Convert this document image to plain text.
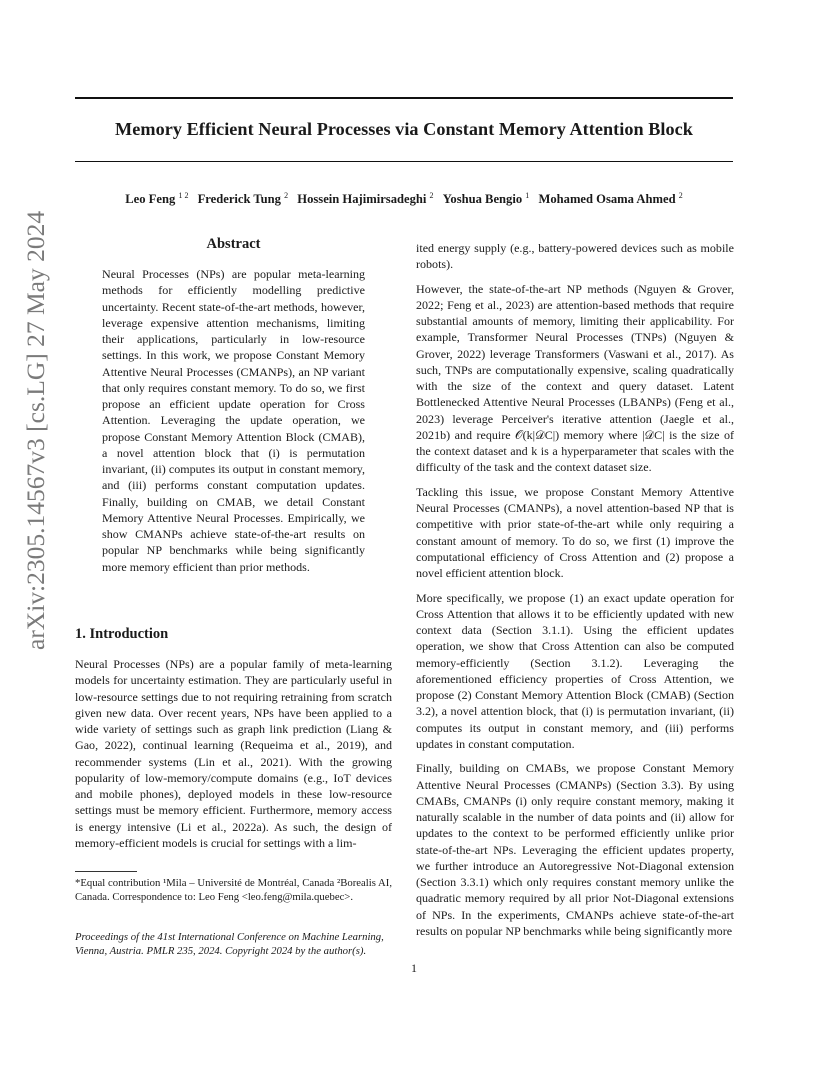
Memory Efficient Neural Processes via Constant Memory Attention Block
Leo Feng $^{1 2}$ Frederick Tung $^2$ Hossein Hajimirsadeghi $^2$ Yoshua Bengio $^1$ Mohamed Osama Ahmed $^2$
arXiv:2305.14567v3 [cs.LG] 27 May 2024	Abstract
Neural Processes (NPs) are popular meta-learning methods for efficiently modelling predictive uncertainty. Recent state-of-the-art methods, however, leverage expensive attention mechanisms, limiting their applications, particularly in low-resource settings. In this work, we propose Constant Memory Attentive Neural Processes (CMANPs), an NP variant that only requires constant memory. To do so, we first propose an efficient update operation for Cross Attention. Leveraging the update operation, we propose Constant Memory Attention Block (CMAB), a novel attention block that (i) is permutation invariant, (ii) computes its output in constant memory, and (iii) performs constant computation updates. Finally, building on CMAB, we detail Constant Memory Attentive Neural Processes. Empirically, we show CMANPs achieve state-of-the-art results on popular NP benchmarks while being significantly more memory efficient than prior methods.
1. Introduction

Neural Processes (NPs) are a popular family of meta-learning models for uncertainty estimation. They are particularly useful in low-resource settings due to not requiring retraining from scratch given new data. Over recent years, NPs have been applied to a wide variety of settings such as graph link prediction (Liang & Gao, 2022), continual learning (Requeima et al., 2019), and recommender systems (Lin et al., 2021). With the growing popularity of low-memory/compute domains (e.g., IoT devices and mobile phones), deployed models in these low-resource settings must be memory efficient. Furthermore, memory access is energy intensive (Li et al., 2022a). As such, the design of memory-efficient models is crucial for settings with a lim-

*Equal contribution ¹Mila – Université de Montréal, Canada ²Borealis AI, Canada. Correspondence to: Leo Feng <leo.feng@mila.quebec>.
Proceedings of the 41st International Conference on Machine Learning, Vienna, Austria. PMLR 235, 2024. Copyright 2024 by the author(s).

ited energy supply (e.g., battery-powered devices such as mobile robots).

However, the state-of-the-art NP methods (Nguyen & Grover, 2022; Feng et al., 2023) are attention-based methods that require substantial amounts of memory, limiting their applicability. For example, Transformer Neural Processes (TNPs) (Nguyen & Grover, 2022) leverage Transformers (Vaswani et al., 2017). As such, TNPs are computationally expensive, scaling quadratically with the size of the context and query dataset. Latent Bottlenecked Attentive Neural Processes (LBANPs) (Feng et al., 2023) leverage Perceiver's iterative attention (Jaegle et al., 2021b) and require 𝒪(k|𝒟C|) memory where |𝒟C| is the size of the context dataset and k is a hyperparameter that scales with the difficulty of the task and the context dataset size.

Tackling this issue, we propose Constant Memory Attentive Neural Processes (CMANPs), a novel attention-based NP that is competitive with prior state-of-the-art while only requiring a constant amount of memory. To do so, we first (1) improve the computational efficiency of Cross Attention and (2) propose a novel efficient attention block.

More specifically, we propose (1) an exact update operation for Cross Attention that allows it to be efficiently updated with new context data (Section 3.1.1). Using the efficient updates operation, we show that Cross Attention can also be computed memory-efficiently (Section 3.1.2). Leveraging the aforementioned efficiency properties of Cross Attention, we propose (2) Constant Memory Attention Block (CMAB) (Section 3.2), a novel attention block, that (i) is permutation invariant, (ii) computes its output in constant memory, and (iii) performs updates in constant computation.

Finally, building on CMABs, we propose Constant Memory Attentive Neural Processes (CMANPs) (Section 3.3). By using CMABs, CMANPs (i) only require constant memory, making it naturally scalable in the number of data points and (ii) allow for updates to the context to be performed efficiently unlike prior state-of-the-art NPs. Leveraging the efficient updates property, we further introduce an Autoregressive Not-Diagonal extension (Section 3.3.1) which only requires constant memory unlike the quadratic memory required by all prior Not-Diagonal extensions of NPs. In the experiments, CMANPs achieve state-of-the-art results on popular NP benchmarks while being significantly more

1
